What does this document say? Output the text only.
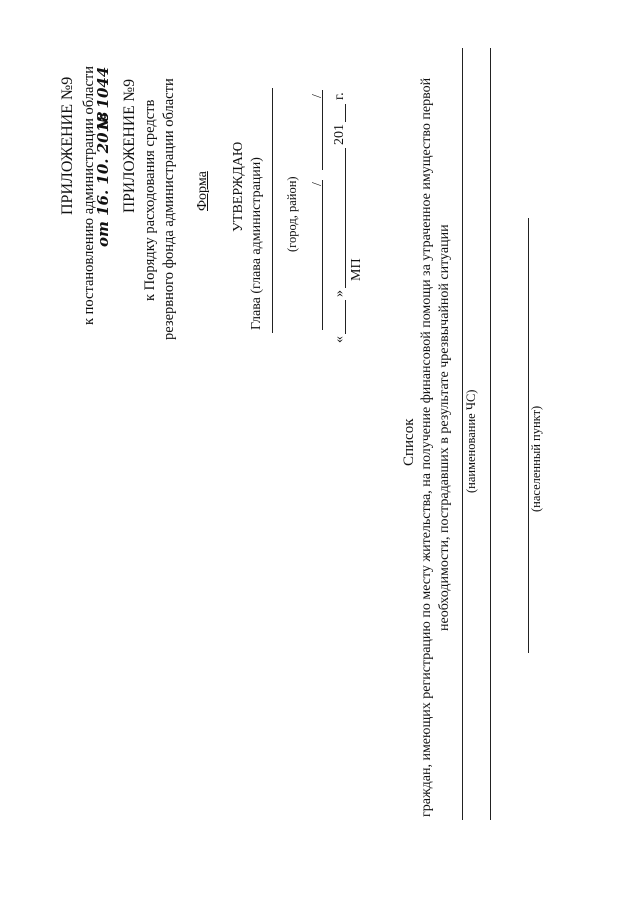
ПРИЛОЖЕНИЕ №9 к постановлению администрации области
от 16. 10. 2018
№ 1044 ПРИЛОЖЕНИЕ №9 к Порядку расходования средств резервного фонда администрации области Форма УТВЕРЖДАЮ Глава (глава администрации) (город, район) /
/
«
»
201
г.
МП
Список граждан, имеющих регистрацию по месту жительства, на получение финансовой помощи за утраченное имущество первой необходимости, пострадавших в результате чрезвычайной ситуации (наименование ЧС)	(населенный пункт)
